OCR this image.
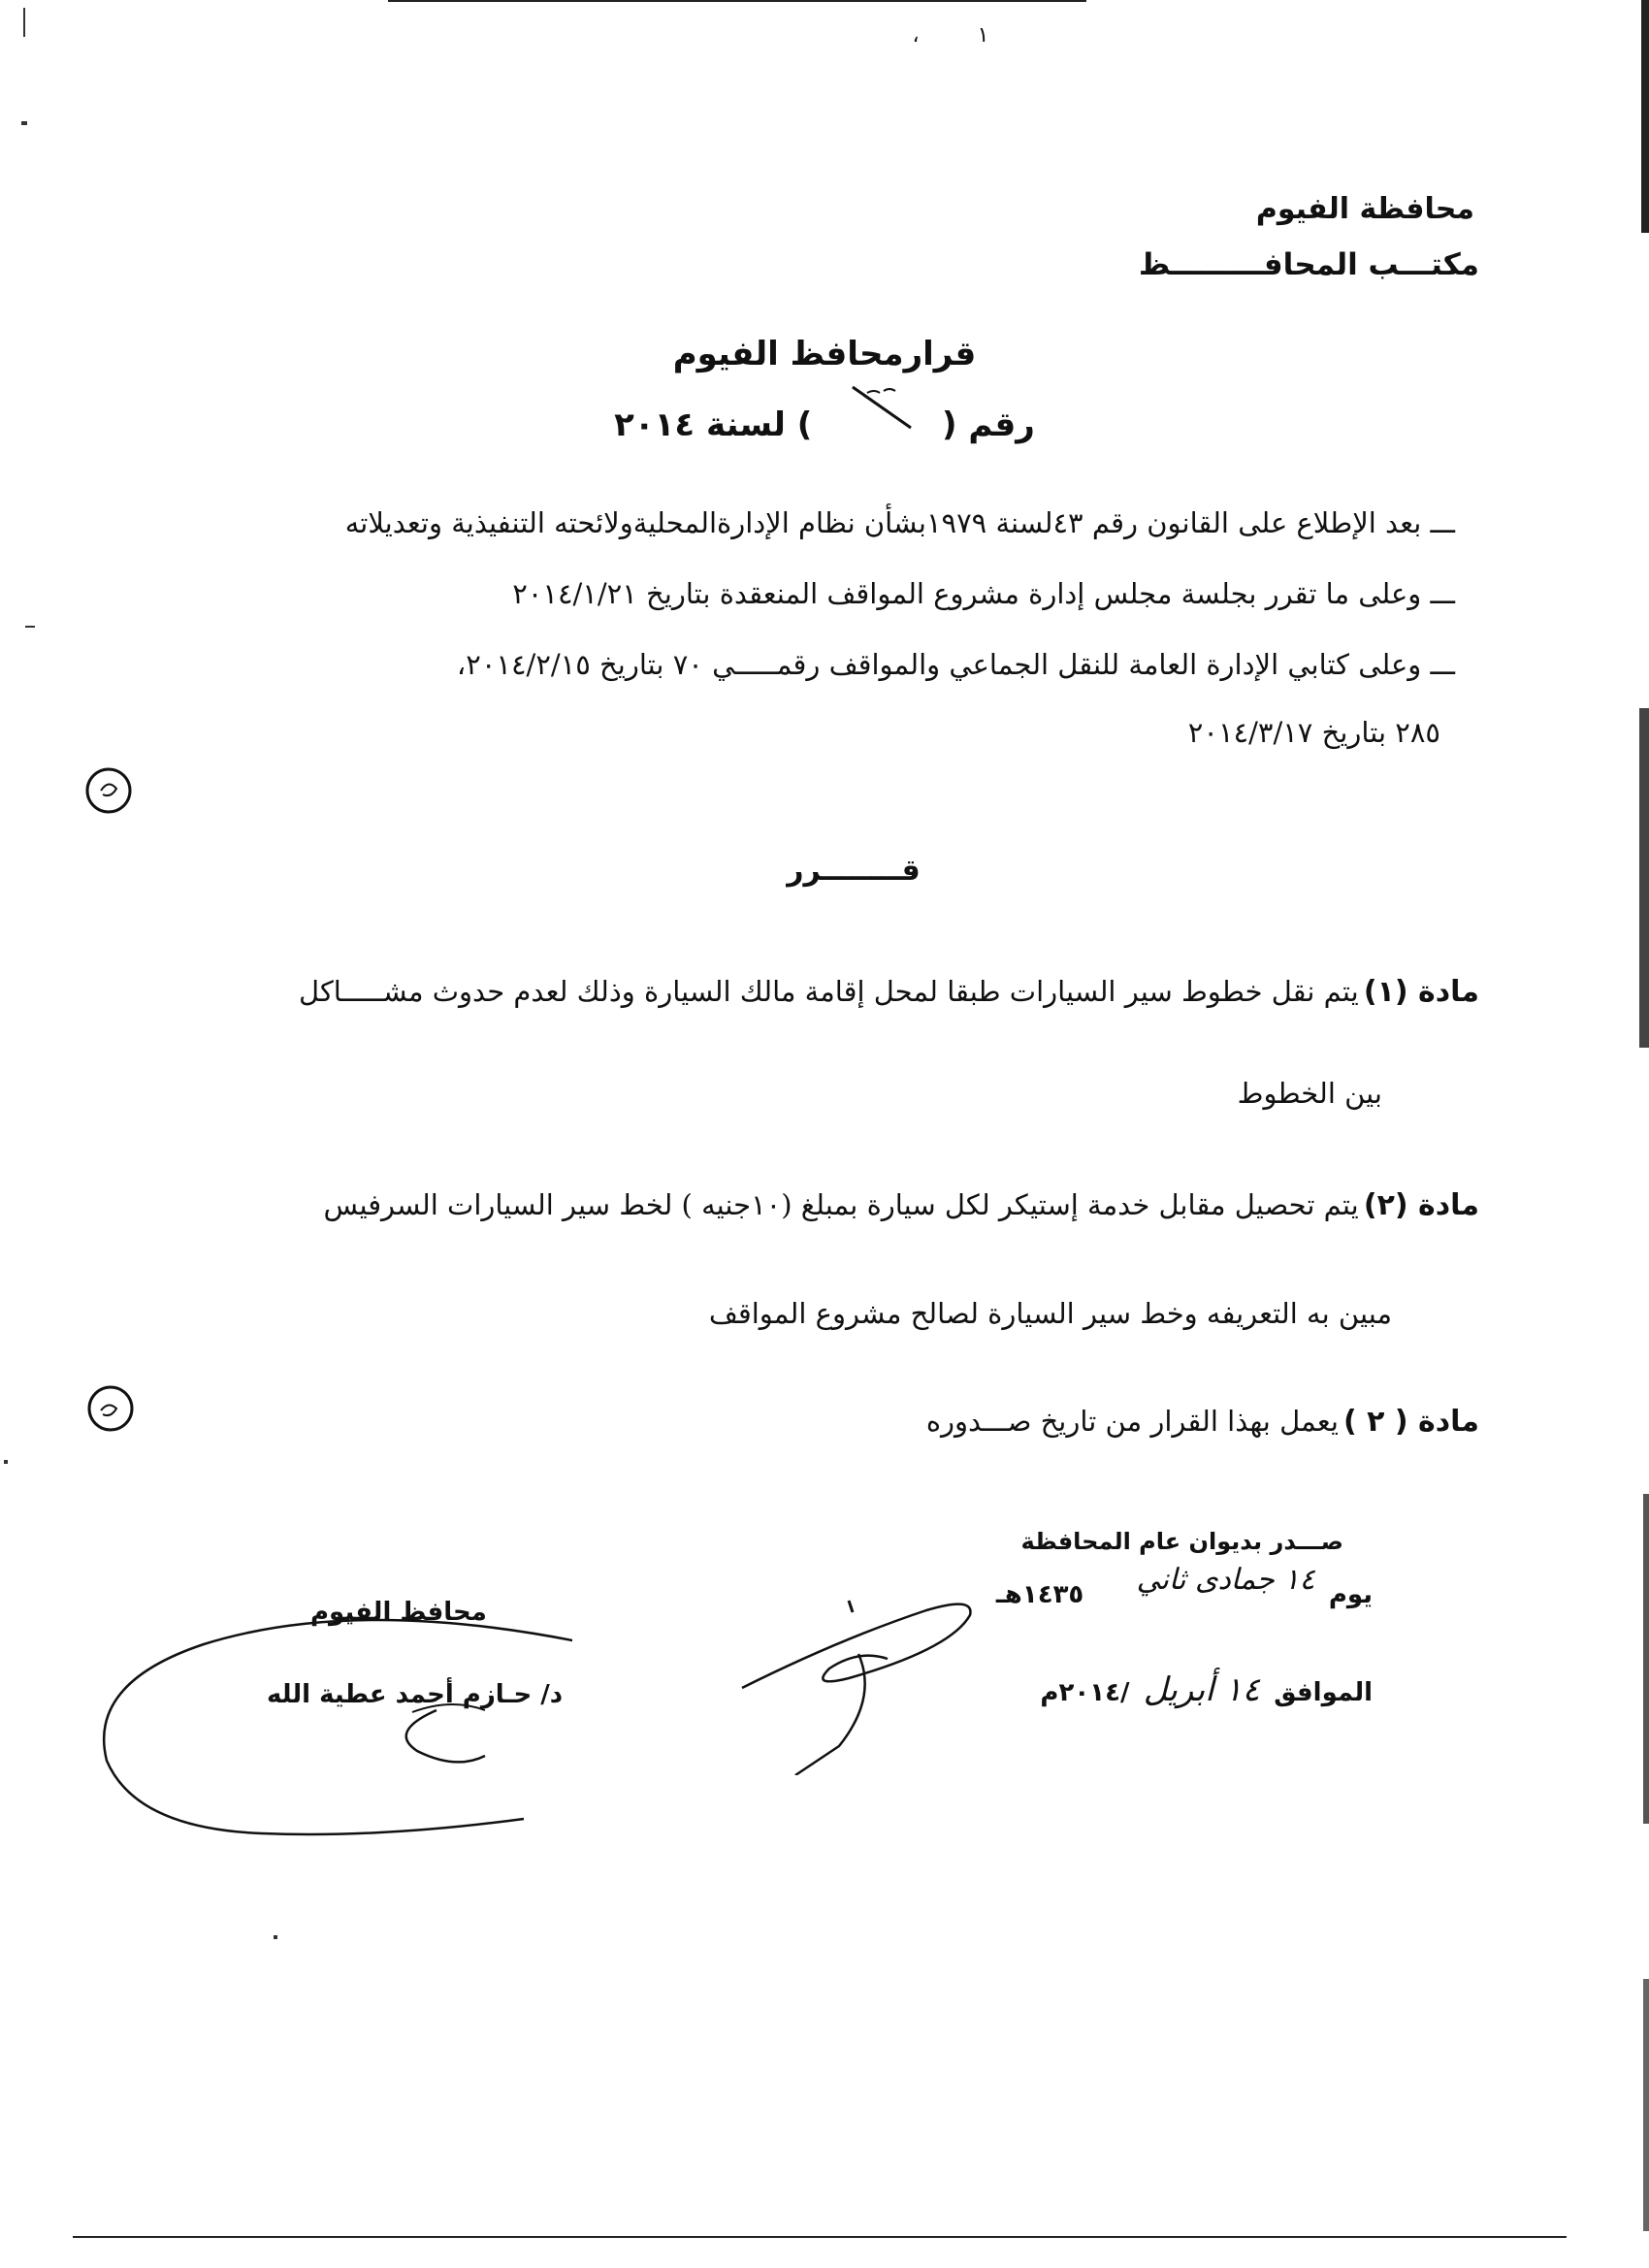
،	١
محافظة الفيوم
مكتـــب المحافـــــــــظ
قرارمحافظ الفيوم
رقم (
) لسنة ٢٠١٤
ـــ بعد الإطلاع على القانون رقم ٤٣لسنة ١٩٧٩بشأن نظام الإدارةالمحليةولائحته التنفيذية وتعديلاته
ـــ وعلى ما تقرر بجلسة مجلس إدارة مشروع المواقف المنعقدة بتاريخ ٢٠١٤/١/٢١
ـــ وعلى كتابي الإدارة العامة للنقل الجماعي والمواقف رقمـــــي ٧٠ بتاريخ ٢٠١٤/٢/١٥،
٢٨٥ بتاريخ ٢٠١٤/٣/١٧
قــــــــرر
مادة (١) يتم نقل خطوط سير السيارات طبقا لمحل إقامة مالك السيارة وذلك لعدم حدوث مشـــــاكل
بين الخطوط
مادة (٢) يتم تحصيل مقابل خدمة إستيكر لكل سيارة بمبلغ (١٠جنيه ) لخط سير السيارات السرفيس
مبين به التعريفه وخط سير السيارة لصالح مشروع المواقف
مادة ( ٢ ) يعمل بهذا القرار من تاريخ صـــدوره
صـــدر بديوان عام المحافظة
يوم ١٤ جمادى ثاني ١٤٣٥هـ
الموافق ١٤ أبريل /٢٠١٤م
محافظ الفيوم
د/ حـازم أحمد عطية الله
